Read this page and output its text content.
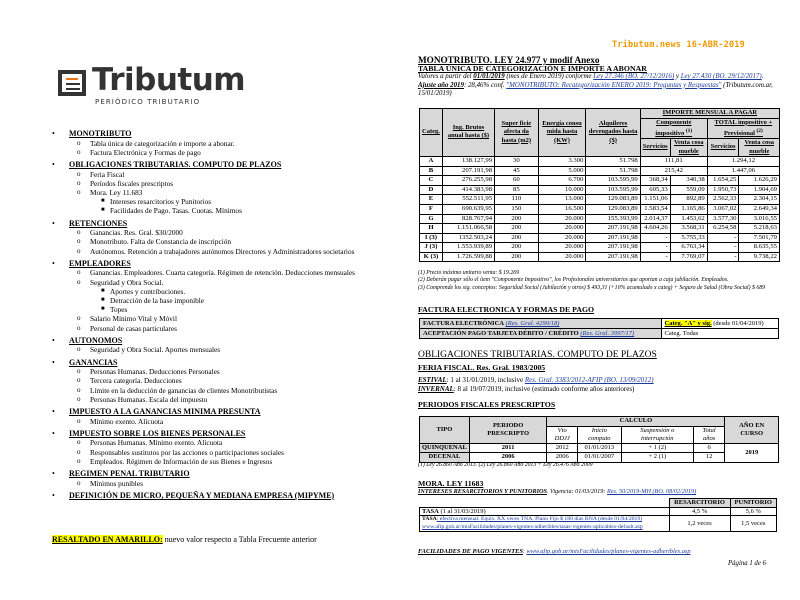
Tributum.news 16-ABR-2019
Tributum
PERIÓDICO TRIBUTARIO
• MONOTRIBUTO
o Tabla única de categorización e importe a abonar.
o Factura Electrónica y Formas de pago
• OBLIGACIONES TRIBUTARIAS. COMPUTO DE PLAZOS
o Feria Fiscal
o Períodos fiscales prescriptos
o Mora. Ley 11.683
■ Intereses resarcitorios y Punitorios
■ Facilidades de Pago. Tasas. Cuotas. Mínimos
• RETENCIONES
o Ganancias. Res. Gral. $30/2000
o Monotributo. Falta de Constancia de inscripción
o Autónomos. Retención a trabajadores autónomos Directores y Administradores societarios
• EMPLEADORES
o Ganancias. Empleadores. Cuarta categoría. Régimen de retención. Deducciones mensuales
o Seguridad y Obra Social.
■ Aportes y contribuciones.
■ Detracción de la base imponible
■ Topes
o Salario Mínimo Vital y Móvil
o Personal de casas particulares
• AUTONOMOS
o Seguridad y Obra Social. Aportes mensuales
• GANANCIAS
o Personas Humanas. Deducciones Personales
o Tercera categoría. Deducciones
o Límite en la deducción de ganancias de clientes Monotributistas
o Personas Humanas. Escala del impuesto
• IMPUESTO A LA GANANCIAS MINIMA PRESUNTA
o Mínimo exento. Alícuota
• IMPUESTO SOBRE LOS BIENES PERSONALES
o Personas Humanas. Mínimo exento. Alícuota
o Responsables sustitutos por las acciones o participaciones sociales
o Empleados. Régimen de Información de sus Bienes e Ingresos
• REGIMEN PENAL TRIBUTARIO
o Mínimos punibles
• DEFINICIÓN DE MICRO, PEQUEÑA Y MEDIANA EMPRESA (MIPYME)
RESALTADO EN AMARILLO: nuevo valor respecto a Tabla Frecuente anterior
MONOTRIBUTO. LEY 24.977 y modif Anexo
TABLA ÚNICA DE CATEGORIZACIÓN E IMPORTE A ABONAR
Valores a partir del 01/01/2019 (mes de Enero 2019) conforme Ley 27.346 (BO. 27/12/2016) y Ley 27.430 (BO. 29/12/2017). Ajuste año 2019: 28,46% conf. "MONOTRIBUTO: Recategorización ENERO 2019: Preguntas y Respuestas" (Tributum.com.ar, 15/01/2019)
Categ.	Ing. Brutos anual hasta ($)	Super ficie afecta da hasta (m2)	Energía consu mida hasta (KW)	Alquileres devengados hasta ($)	IMPORTE MENSUAL A PAGAR			
					Componente impositivo $^{(1)}$		TOTAL impositivo + Previsional $^{(2)}$
					Servicios	Venta cosa mueble	Servicios	Venta cosa mueble
A	138.127,99	30	3.300	51.798	111,81		1.294,12	
B	207.191,98	45	5.000	51.798	215,42		1.447,06	
C	276.255,98	60	6.700	103.595,99	368,34	340,38	1.654,25	1.626,29
D	414.383,98	85	10.000	103.595,99	605,33	559,09	1.950,73	1.904,69
E	552.511,95	110	13.000	129.083,89	1.151,06	892,89	2.562,33	2.304,15
F	690.639,95	150	16.500	129.083,89	1.583,54	1.165,86	3.067,02	2.649,34
G	828.767,94	200	20.000	155.393,99	2.014,37	1.453,62	3.577,30	3.016,55
H	1.151.066,58	200	20.000	207.191,98	4.604,26	3.568,31	6.254,58	5.218,63
I (3)	1352.503,24	200	20.000	207.191,98	-	5.755,33	-	7.501,79
J (3)	1.553.939,89	200	20.000	207.191,98	-	6.763,34	-	8.635,55
K (3)	1.726.599,88	200	20.000	207.191,98	-	7.769,07	-	9.738,22
(1) Precio máximo unitario venta: $ 19.269
(2) Deberán pagar sólo el ítem "Componente Impositivo", los Profesionales universitarios que aportan a caja jubilación. Empleados.
(3) Comprende los sig. conceptos: Seguridad Social (Jubilación y otros) $ 493,31 (+10% acumulado x categ) + Seguro de Salud (Obra Social) $ 689
FACTURA ELECTRONICA Y FORMAS DE PAGO
FACTURA ELECTRÓNICA (Res. Gral. 4290/18)	Categ. "A" y sig. (desde 01/04/2019)
ACEPTACIÓN PAGO TARJETA DÉBITO / CRÉDITO (Res. Gral. 3997/17)	Categ. Todas
OBLIGACIONES TRIBUTARIAS. COMPUTO DE PLAZOS
FERIA FISCAL. Res. Gral. 1983/2005
ESTIVAL: 1 al 31/01/2019, inclusive Res. Gral. 3383/2012-AFIP (BO. 13/09/2012)
INVERNAL: 8 al 19/07/2019, inclusive (estimado conforme años anteriores)
PERIODOS FISCALES PRESCRIPTOS
TIPO	PERIODO PRESCRIPTO	CALCULO				AÑO EN CURSO
		Vto DDJJ	Inicio computo	Suspensión o interrupción	Total años	
QUINQUENAL	2011	2012	01/01/2013	+ 1 (2)	6	2019
DECENAL	2006	2006	01/01/2007	+ 2 (1)	12	
(1) Ley 26.860 Año 2013. (2) Ley 26.860 Año 2013 + Ley 26.476 Año 2009
MORA. LEY 11683
INTERESES RESARCITORIOS Y PUNITORIOS. Vigencia: 01/03/2019: Res. 50/2019-MH (BO. 08/02/2019)
	RESARCITORIO	PUNITORIO
TASA (1 al 31/03/2019)	4,5 %	5,6 %
TASA: efectiva mensual. Equiv. XX veces TNA. Plano Fijo $ 180 días BNA (desde 01/04/2019) www.afip.gob.ar/misFacilidades/planes-vigentes-adheribles/tasas-vigentes-aplicables-default.asp	1,2 veces	1,5 veces
FACILIDADES DE PAGO VIGENTES: www.afip.gob.ar/misFacilidades/planes-vigentes-adheribles.asp
Página 1 de 6
